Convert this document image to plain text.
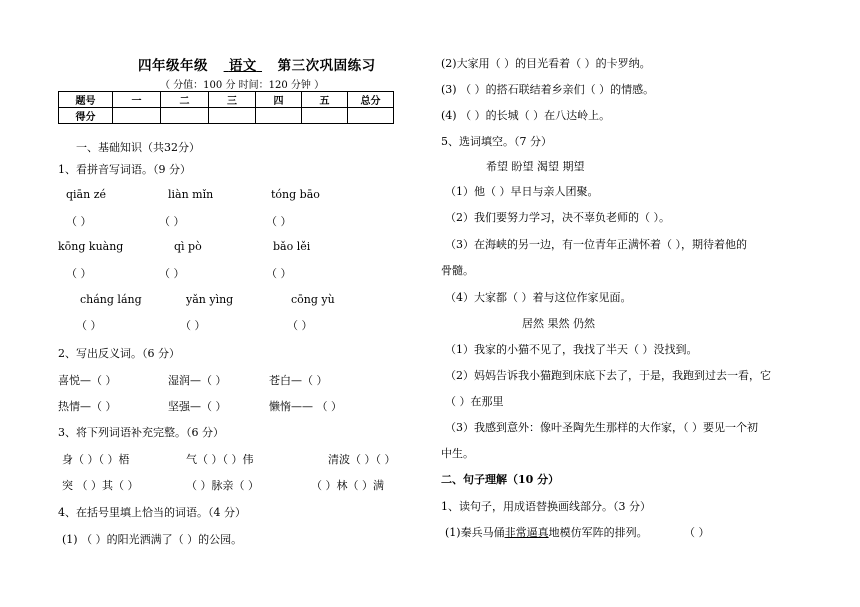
四年级年级 语文 第三次巩固练习
（ 分值：100 分 时间：120 分钟 ）
题号	一	二	三	四	五	总分
得分						
一、基础知识（共32分）
1、看拼音写词语。（9 分）
qiān zé	liàn mǐn	tóng bāo
（ ）	（ ）	（ ）
kōng kuàng	qì pò	bǎo lěi
（ ）	（ ）	（ ）
cháng láng	yǎn yìng	cōng yù
（ ）	（ ）	（ ）
2、写出反义词。（6 分）
喜悦—（ ）	湿润—（ ）	苍白—（ ）
热情—（ ）	坚强—（ ）	懒惰—— （ ）
3、将下列词语补充完整。（6 分）
身（ ）（ ）梧	气（ ）（ ）伟	清波（ ）（ ）
突 （ ）其（ ）	（ ）脉亲（ ）	（ ）林（ ）满
4、在括号里填上恰当的词语。（4 分）
(1) （ ）的阳光洒满了（ ）的公园。
(2)大家用（ ）的目光看着（ ）的卡罗纳。
(3) （ ）的搭石联结着乡亲们（ ）的情感。
(4) （ ）的长城（ ）在八达岭上。
5、选词填空。（7 分）
希望 盼望 渴望 期望
（1）他（ ）早日与亲人团聚。
（2）我们要努力学习，决不辜负老师的（ ）。
（3）在海峡的另一边，有一位青年正满怀着（ ），期待着他的
骨髓。
（4）大家都（ ）着与这位作家见面。
居然 果然 仍然
（1）我家的小猫不见了，我找了半天（ ）没找到。
（2）妈妈告诉我小猫跑到床底下去了，于是，我跑到过去一看，它
（ ）在那里
（3）我感到意外：像叶圣陶先生那样的大作家，（ ）要见一个初
中生。
二、句子理解（10 分）
1、读句子，用成语替换画线部分。（3 分）
(1)秦兵马俑非常逼真地模仿军阵的排列。	（ ）
